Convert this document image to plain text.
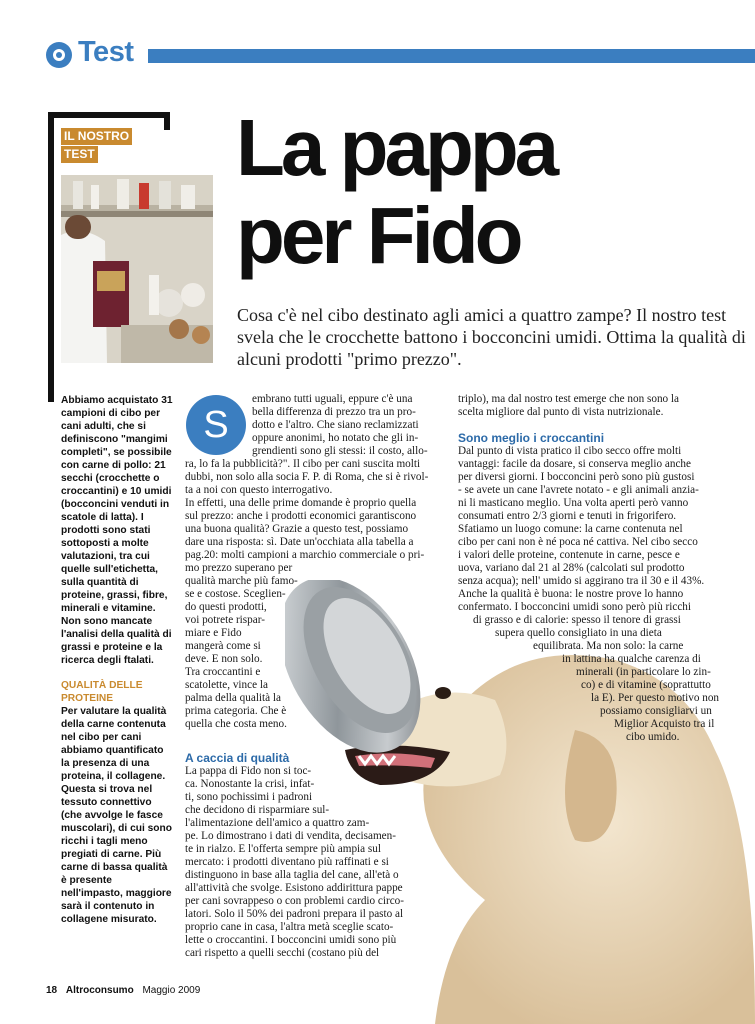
Test
IL NOSTRO
TEST	La pappa
per Fido
Cosa c'è nel cibo destinato agli amici a quattro zampe? Il nostro test svela che le crocchette battono i bocconcini umidi. Ottima la qualità di alcuni prodotti "primo prezzo".
Abbiamo acquistato 31 campioni di cibo per cani adulti, che si definiscono "mangimi completi", se possibile con carne di pollo: 21 secchi (crocchette o croccantini) e 10 umidi (bocconcini venduti in scatole di latta). I prodotti sono stati sottoposti a molte valutazioni, tra cui quelle sull'etichetta, sulla quantità di proteine, grassi, fibre, minerali e vitamine. Non sono mancate l'analisi della qualità di grassi e proteine e la ricerca degli ftalati.
QUALITÀ DELLE PROTEINE
Per valutare la qualità della carne contenuta nel cibo per cani abbiamo quantificato la presenza di una proteina, il collagene. Questa si trova nel tessuto connettivo (che avvolge le fasce muscolari), di cui sono ricchi i tagli meno pregiati di carne. Più carne di bassa qualità è presente nell'impasto, maggiore sarà il contenuto in collagene misurato.
S
embrano tutti uguali, eppure c'è una
bella differenza di prezzo tra un pro-
dotto e l'altro. Che siano reclamizzati
oppure anonimi, ho notato che gli in-
grendienti sono gli stessi: il costo, allo-
ra, lo fa la pubblicità?". Il cibo per cani suscita molti
dubbi, non solo alla socia F. P. di Roma, che si è rivol-
ta a noi con questo interrogativo.
In effetti, una delle prime domande è proprio quella
sul prezzo: anche i prodotti economici garantiscono
una buona qualità? Grazie a questo test, possiamo
dare una risposta: sì. Date un'occhiata alla tabella a
pag.20: molti campioni a marchio commerciale o pri-
mo prezzo superano per
qualità marche più famo-
se e costose. Sceglien-
do questi prodotti,
voi potrete rispar-
miare e Fido
mangerà come si
deve. E non solo.
Tra croccantini e
scatolette, vince la
palma della qualità la
prima categoria. Che è
quella che costa meno.

A caccia di qualità

La pappa di Fido non si toc-
ca. Nonostante la crisi, infat-
ti, sono pochissimi i padroni
che decidono di risparmiare sul-
l'alimentazione dell'amico a quattro zam-
pe. Lo dimostrano i dati di vendita, decisamen-
te in rialzo. E l'offerta sempre più ampia sul
mercato: i prodotti diventano più raffinati e si
distinguono in base alla taglia del cane, all'età o
all'attività che svolge. Esistono addirittura pappe
per cani sovrappeso o con problemi cardio circo-
latori. Solo il 50% dei padroni prepara il pasto al
proprio cane in casa, l'altra metà sceglie scato-
lette o croccantini. I bocconcini umidi sono più
cari rispetto a quelli secchi (costano più del
triplo), ma dal nostro test emerge che non sono la
scelta migliore dal punto di vista nutrizionale.

Sono meglio i croccantini

Dal punto di vista pratico il cibo secco offre molti
vantaggi: facile da dosare, si conserva meglio anche
per diversi giorni. I bocconcini però sono più gustosi
- se avete un cane l'avrete notato - e gli animali anzia-
ni li masticano meglio. Una volta aperti però vanno
consumati entro 2/3 giorni e tenuti in frigorifero.
Sfatiamo un luogo comune: la carne contenuta nel
cibo per cani non è né poca né cattiva. Nel cibo secco
i valori delle proteine, contenute in carne, pesce e
uova, variano dal 21 al 28% (calcolati sul prodotto
senza acqua); nell' umido si aggirano tra il 30 e il 43%.
Anche la qualità è buona: le nostre prove lo hanno
confermato. I bocconcini umidi sono però più ricchi
di grasso e di calorie: spesso il tenore di grassi
supera quello consigliato in una dieta
equilibrata. Ma non solo: la carne
in lattina ha qualche carenza di
minerali (in particolare lo zin-
co) e di vitamine (soprattutto
la E). Per questo motivo non
possiamo consigliarvi un
Miglior Acquisto tra il
cibo umido.
18 Altroconsumo Maggio 2009
